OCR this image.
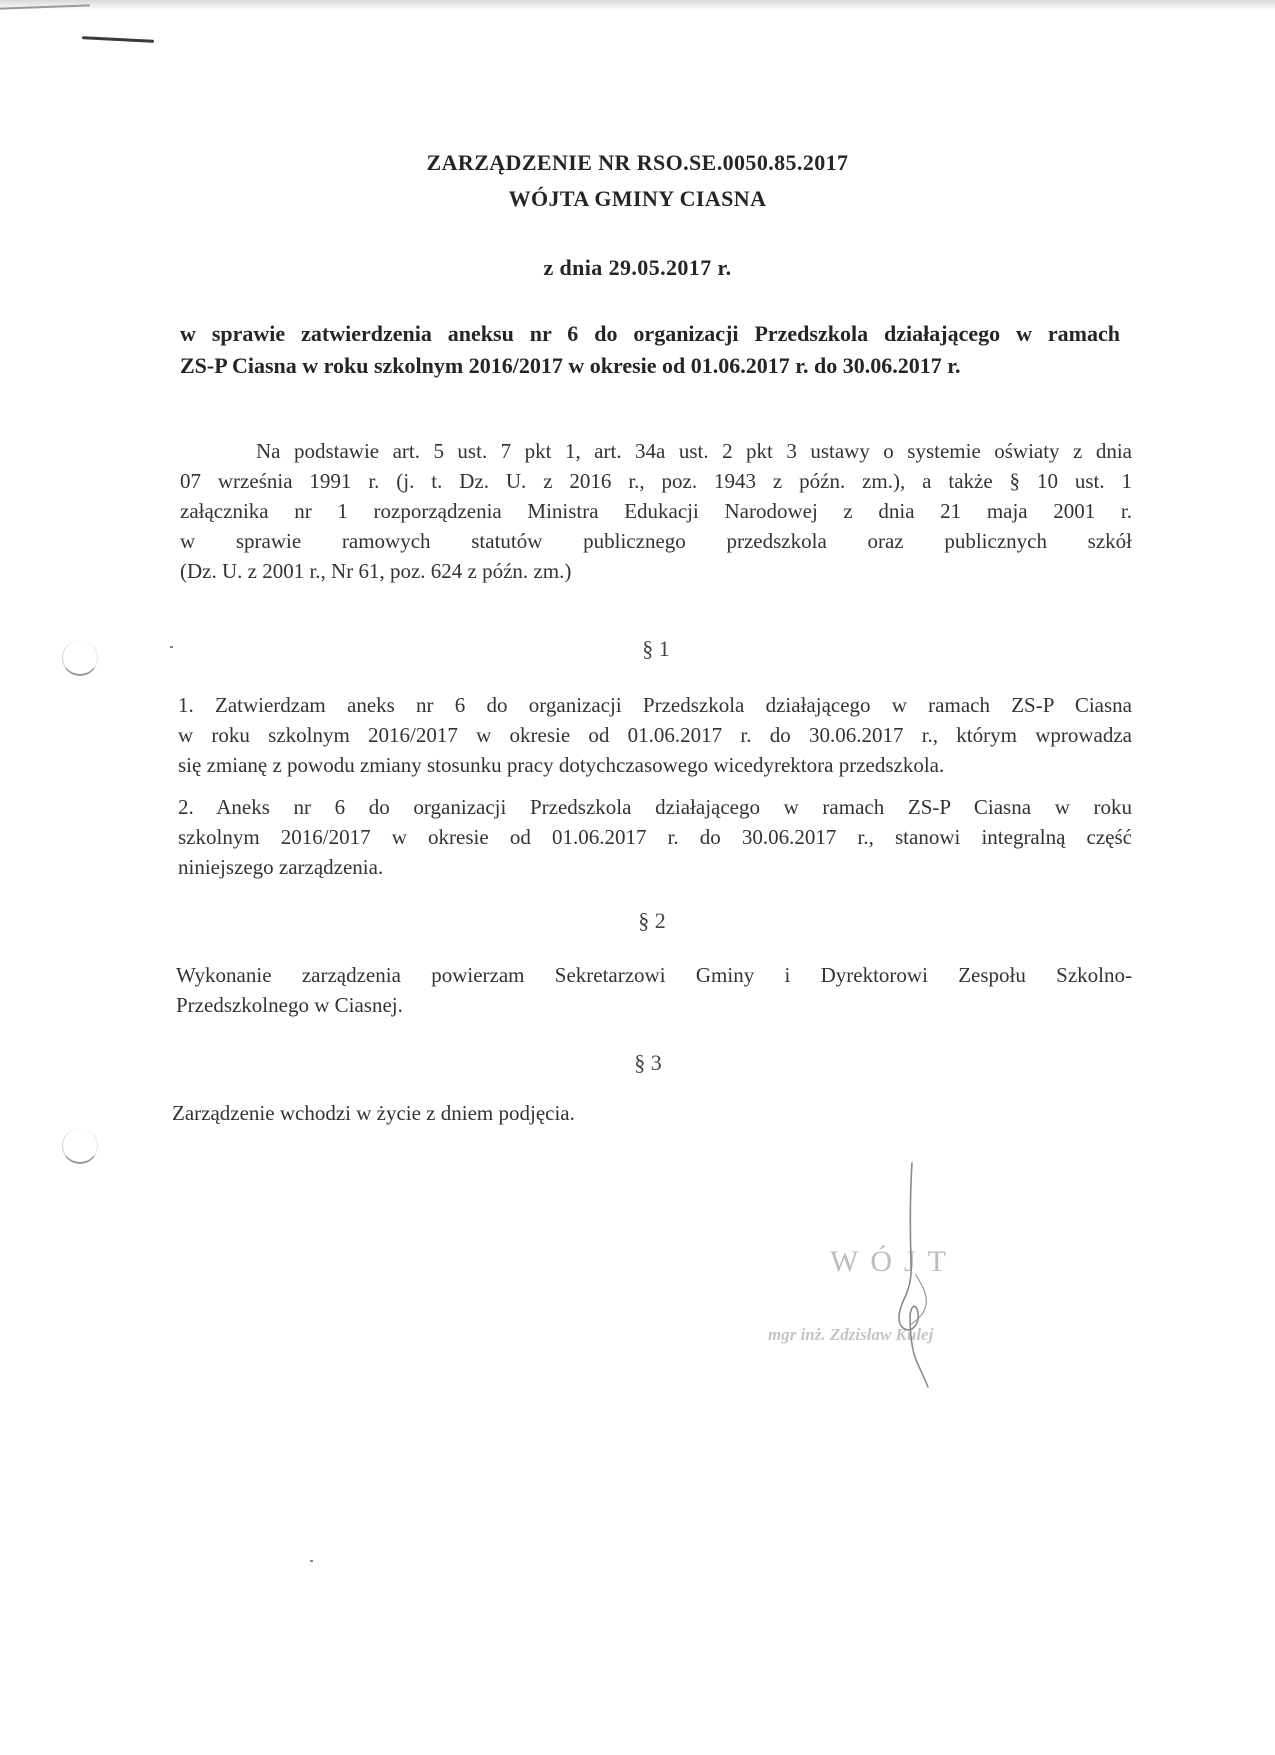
ZARZĄDZENIE NR RSO.SE.0050.85.2017
WÓJTA GMINY CIASNA
z dnia 29.05.2017 r.
w sprawie zatwierdzenia aneksu nr 6 do organizacji Przedszkola działającego w ramach
ZS-P Ciasna w roku szkolnym 2016/2017 w okresie od 01.06.2017 r. do 30.06.2017 r.
Na podstawie art. 5 ust. 7 pkt 1, art. 34a ust. 2 pkt 3 ustawy o systemie oświaty z dnia
07 września 1991 r. (j. t. Dz. U. z 2016 r., poz. 1943 z późn. zm.), a także § 10 ust. 1
załącznika nr 1 rozporządzenia Ministra Edukacji Narodowej z dnia 21 maja 2001 r.
w sprawie ramowych statutów publicznego przedszkola oraz publicznych szkół
(Dz. U. z 2001 r., Nr 61, poz. 624 z późn. zm.)
§ 1
1. Zatwierdzam aneks nr 6 do organizacji Przedszkola działającego w ramach ZS-P Ciasna
w roku szkolnym 2016/2017 w okresie od 01.06.2017 r. do 30.06.2017 r., którym wprowadza
się zmianę z powodu zmiany stosunku pracy dotychczasowego wicedyrektora przedszkola.
2. Aneks nr 6 do organizacji Przedszkola działającego w ramach ZS-P Ciasna w roku
szkolnym 2016/2017 w okresie od 01.06.2017 r. do 30.06.2017 r., stanowi integralną część
niniejszego zarządzenia.
§ 2
Wykonanie zarządzenia powierzam Sekretarzowi Gminy i Dyrektorowi Zespołu Szkolno-
Przedszkolnego w Ciasnej.
§ 3
Zarządzenie wchodzi w życie z dniem podjęcia.
WÓJT
mgr inż. Zdzisław Kulej
